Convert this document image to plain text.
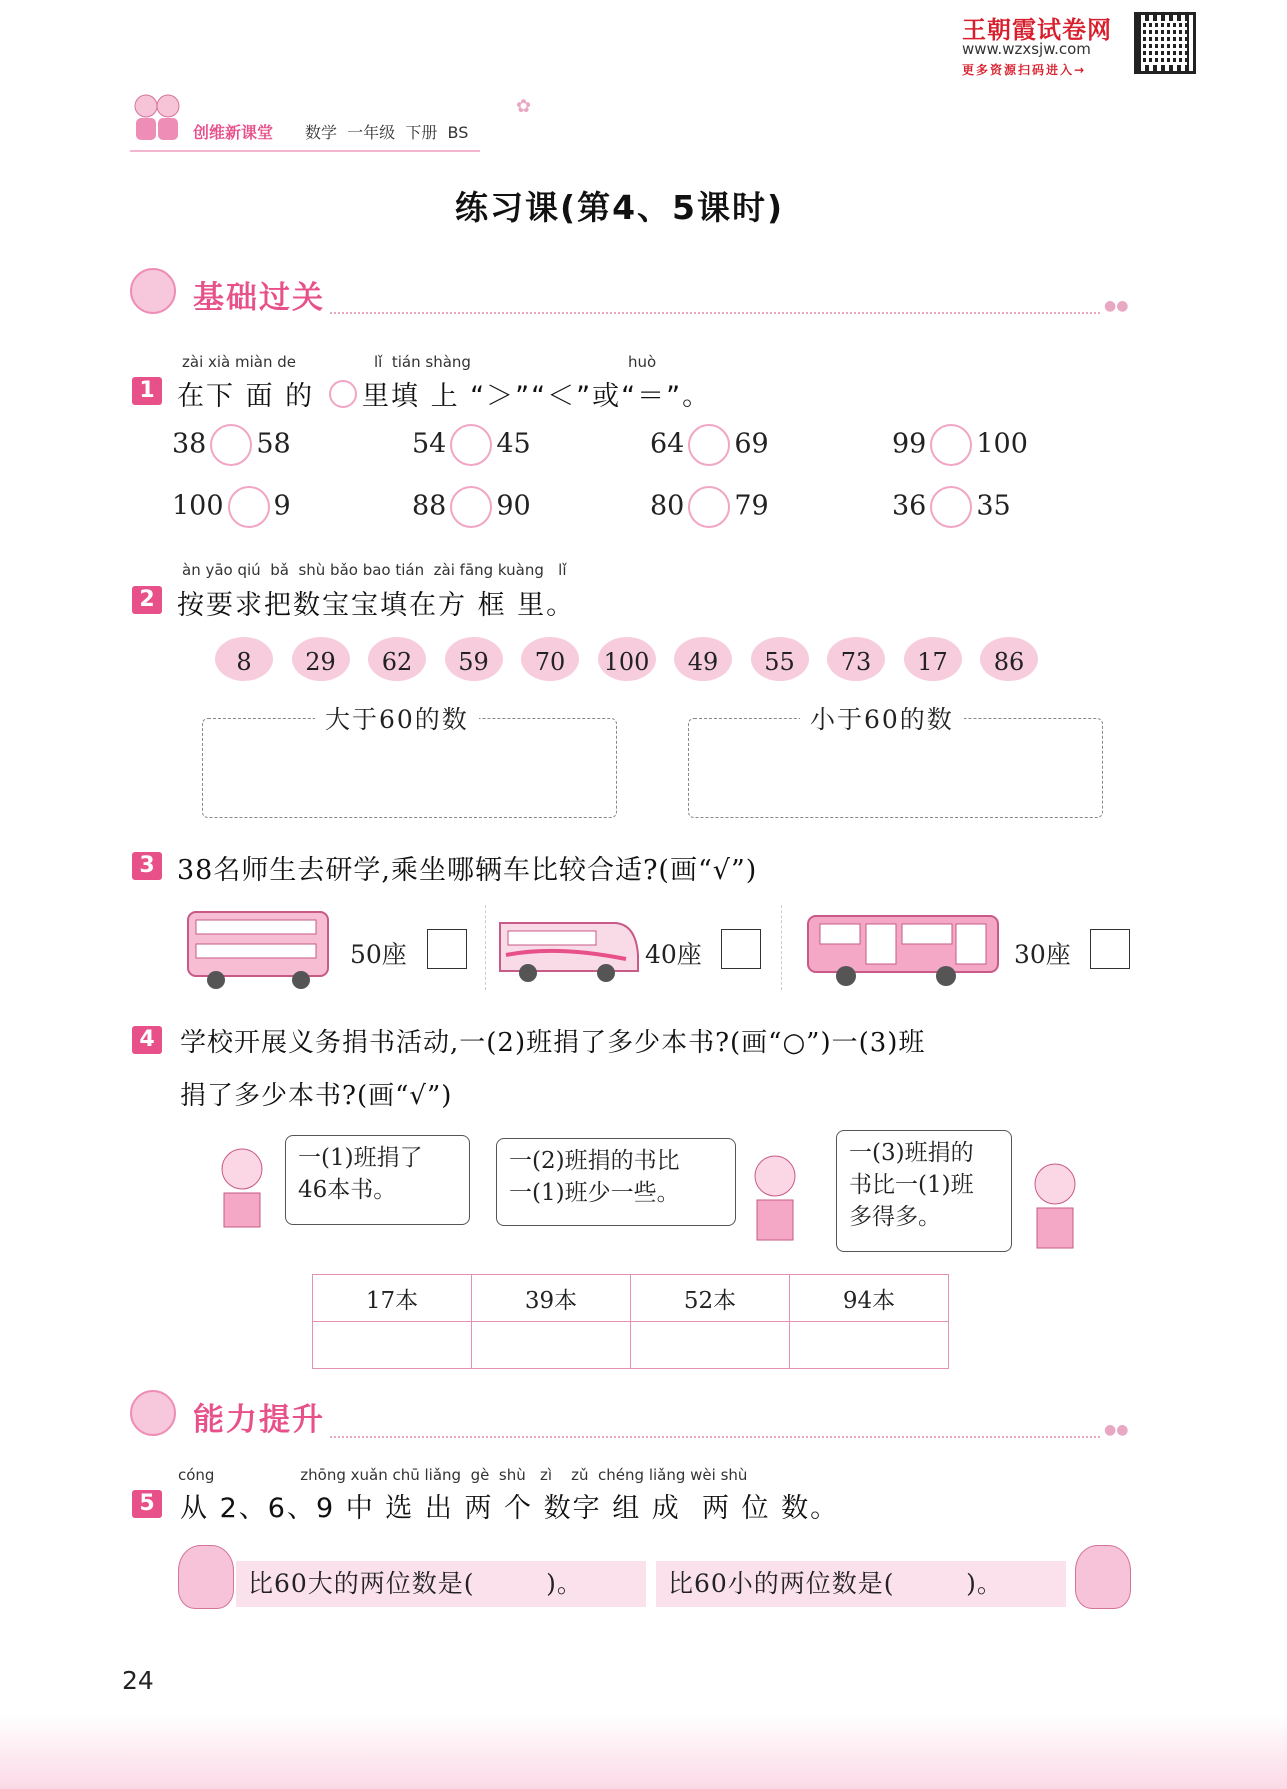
王朝霞试卷网
www.wzxsjw.com
更多资源扫码进入→
创维新课堂 数学  一年级  下册  BS
✿
练习课(第4、5课时)
基础过关	●●
zài xià miàn de	lǐ  tián shàng	huò
1 在下 面 的 里填 上 “＞”“＜”或“＝”。
38 58	54 45	64 69	99 100
100 9	88 90	80 79	36 35
àn yāo qiú  bǎ  shù bǎo bao tián  zài fāng kuàng   lǐ
2 按要求把数宝宝填在方 框 里。
8	29	62	59	70	100	49	55	73	17	86
大于60的数	小于60的数
3 38名师生去研学,乘坐哪辆车比较合适?(画“√”)
50座	40座	30座
4 学校开展义务捐书活动,一(2)班捐了多少本书?(画“○”)一(3)班
捐了多少本书?(画“√”)
一(1)班捐了
46本书。
一(2)班捐的书比
一(1)班少一些。
一(3)班捐的
书比一(1)班
多得多。
17本	39本	52本	94本

能力提升	●●
cóng                  zhōng xuǎn chū liǎng  gè  shù   zì    zǔ  chéng liǎng wèi shù
5 从 2、6、9 中 选 出 两 个 数字 组 成  两 位 数。
比60大的两位数是(        )。	比60小的两位数是(        )。
24
